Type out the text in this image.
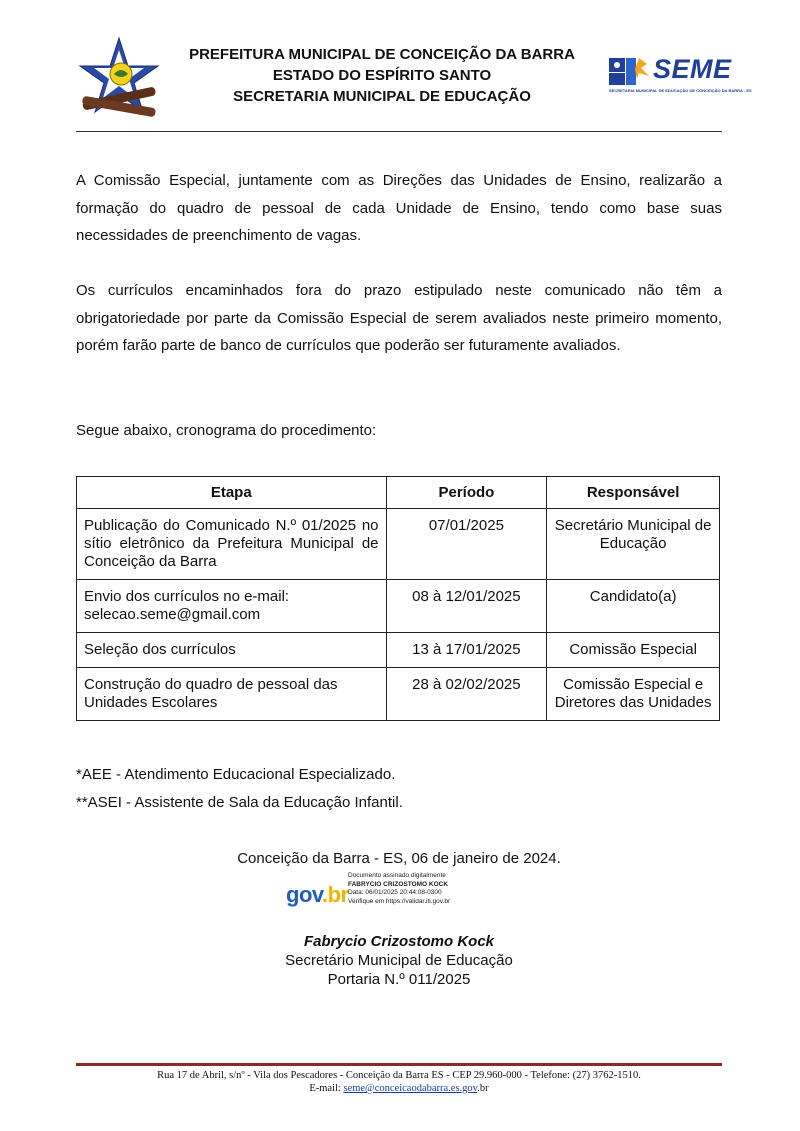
PREFEITURA MUNICIPAL DE CONCEIÇÃO DA BARRA
ESTADO DO ESPÍRITO SANTO
SECRETARIA MUNICIPAL DE EDUCAÇÃO
SEME
SECRETARIA MUNICIPAL DE EDUCAÇÃO DE CONCEIÇÃO DA BARRA - ES

A Comissão Especial, juntamente com as Direções das Unidades de Ensino, realizarão a formação do quadro de pessoal de cada Unidade de Ensino, tendo como base suas necessidades de preenchimento de vagas.

Os currículos encaminhados fora do prazo estipulado neste comunicado não têm a obrigatoriedade por parte da Comissão Especial de serem avaliados neste primeiro momento, porém farão parte de banco de currículos que poderão ser futuramente avaliados.

Segue abaixo, cronograma do procedimento:

Etapa	Período	Responsável
Publicação do Comunicado N.º 01/2025 no sítio eletrônico da Prefeitura Municipal de Conceição da Barra	07/01/2025	Secretário Municipal de Educação

Envio dos currículos no e-mail:
selecao.seme@gmail.com	08 à 12/01/2025	Candidato(a)
Seleção dos currículos	13 à 17/01/2025	Comissão Especial
Construção do quadro de pessoal das Unidades Escolares	28 à 02/02/2025	Comissão Especial e Diretores das Unidades
*AEE - Atendimento Educacional Especializado.
**ASEI - Assistente de Sala da Educação Infantil.
Conceição da Barra - ES, 06 de janeiro de 2024.
gov.br
Documento assinado digitalmente
FABRYCIO CRIZOSTOMO KOCK
Data: 06/01/2025 20:44:08-0300
Verifique em https://validar.iti.gov.br
Fabrycio Crizostomo Kock
Secretário Municipal de Educação
Portaria N.º 011/2025
Rua 17 de Abril, s/nº - Vila dos Pescadores - Conceição da Barra ES - CEP 29.960-000 - Telefone: (27) 3762-1510.
E-mail: seme@conceicaodabarra.es.gov.br
